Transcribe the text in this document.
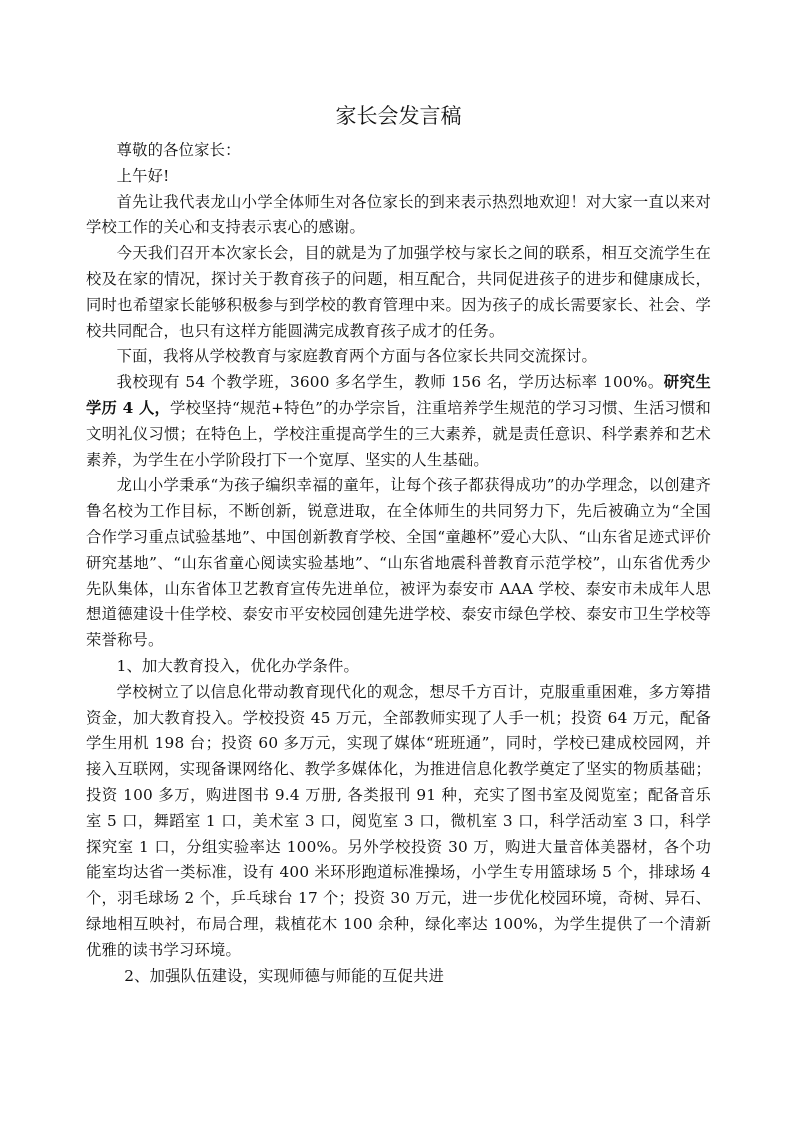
家长会发言稿

尊敬的各位家长：

上午好!

首先让我代表龙山小学全体师生对各位家长的到来表示热烈地欢迎！对大家一直以来对学校工作的关心和支持表示衷心的感谢。

今天我们召开本次家长会，目的就是为了加强学校与家长之间的联系，相互交流学生在校及在家的情况，探讨关于教育孩子的问题，相互配合，共同促进孩子的进步和健康成长，同时也希望家长能够积极参与到学校的教育管理中来。因为孩子的成长需要家长、社会、学校共同配合，也只有这样方能圆满完成教育孩子成才的任务。

下面，我将从学校教育与家庭教育两个方面与各位家长共同交流探讨。

我校现有 54 个教学班，3600 多名学生，教师 156 名，学历达标率 100%。研究生学历 4 人，学校坚持“规范+特色”的办学宗旨，注重培养学生规范的学习习惯、生活习惯和文明礼仪习惯；在特色上，学校注重提高学生的三大素养，就是责任意识、科学素养和艺术素养，为学生在小学阶段打下一个宽厚、坚实的人生基础。

龙山小学秉承“为孩子编织幸福的童年，让每个孩子都获得成功”的办学理念，以创建齐鲁名校为工作目标，不断创新，锐意进取，在全体师生的共同努力下，先后被确立为“全国合作学习重点试验基地”、中国创新教育学校、全国“童趣杯”爱心大队、“山东省足迹式评价研究基地”、“山东省童心阅读实验基地”、“山东省地震科普教育示范学校”，山东省优秀少先队集体，山东省体卫艺教育宣传先进单位，被评为泰安市 AAA 学校、泰安市未成年人思想道德建设十佳学校、泰安市平安校园创建先进学校、泰安市绿色学校、泰安市卫生学校等荣誉称号。

1、加大教育投入，优化办学条件。

学校树立了以信息化带动教育现代化的观念，想尽千方百计，克服重重困难，多方筹措资金，加大教育投入。学校投资 45 万元，全部教师实现了人手一机；投资 64 万元，配备学生用机 198 台；投资 60 多万元，实现了媒体“班班通”，同时，学校已建成校园网，并接入互联网，实现备课网络化、教学多媒体化，为推进信息化教学奠定了坚实的物质基础；投资 100 多万，购进图书 9.4 万册, 各类报刊 91 种，充实了图书室及阅览室；配备音乐室 5 口，舞蹈室 1 口，美术室 3 口，阅览室 3 口，微机室 3 口，科学活动室 3 口，科学探究室 1 口，分组实验率达 100%。另外学校投资 30 万，购进大量音体美器材，各个功能室均达省一类标准，设有 400 米环形跑道标准操场，小学生专用篮球场 5 个，排球场 4 个，羽毛球场 2 个，乒乓球台 17 个；投资 30 万元，进一步优化校园环境，奇树、异石、绿地相互映衬，布局合理，栽植花木 100 余种，绿化率达 100%，为学生提供了一个清新优雅的读书学习环境。

2、加强队伍建设，实现师德与师能的互促共进
